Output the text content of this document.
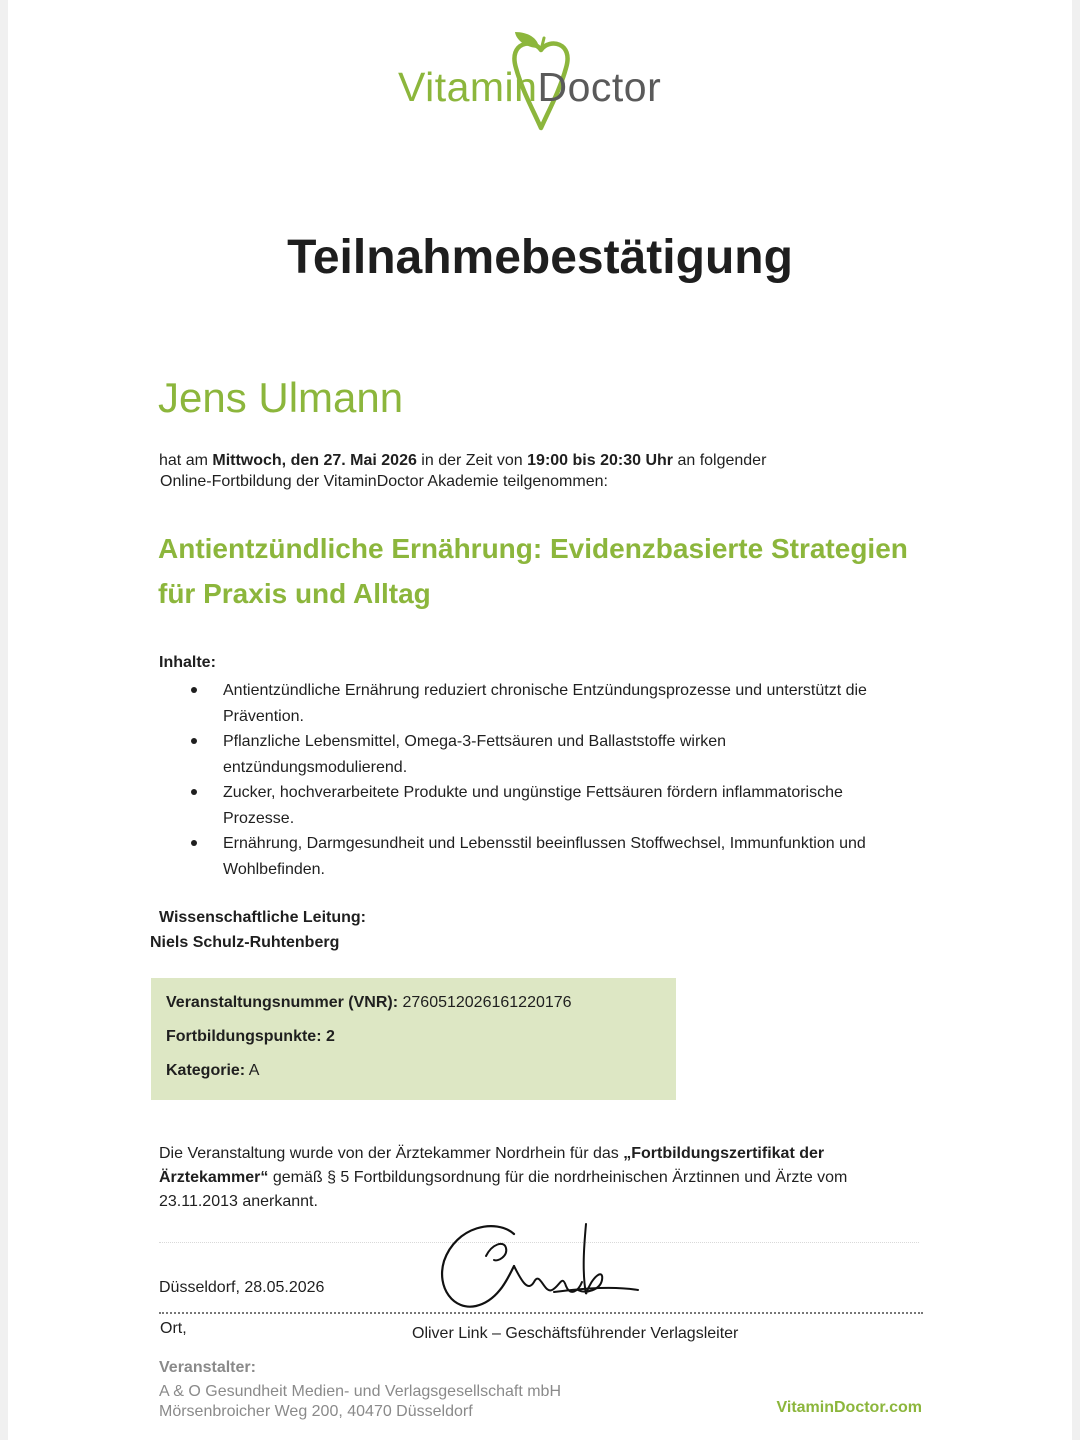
VitaminDoctor
Teilnahmebestätigung
Jens Ulmann
hat am Mittwoch, den 27. Mai 2026 in der Zeit von 19:00 bis 20:30 Uhr an folgender
Online-Fortbildung der VitaminDoctor Akademie teilgenommen:
Antientzündliche Ernährung: Evidenzbasierte Strategien
für Praxis und Alltag
Inhalte:
Antientzündliche Ernährung reduziert chronische Entzündungsprozesse und unterstützt die Prävention.
Pflanzliche Lebensmittel, Omega-3-Fettsäuren und Ballaststoffe wirken entzündungsmodulierend.
Zucker, hochverarbeitete Produkte und ungünstige Fettsäuren fördern inflammatorische Prozesse.
Ernährung, Darmgesundheit und Lebensstil beeinflussen Stoffwechsel, Immunfunktion und Wohlbefinden.
Wissenschaftliche Leitung:
Niels Schulz-Ruhtenberg
Veranstaltungsnummer (VNR): 2760512026161220176
Fortbildungspunkte: 2
Kategorie: A
Die Veranstaltung wurde von der Ärztekammer Nordrhein für das „Fortbildungszertifikat der Ärztekammer“ gemäß § 5 Fortbildungsordnung für die nordrheinischen Ärztinnen und Ärzte vom 23.11.2013 anerkannt.
Düsseldorf, 28.05.2026
Ort,	Oliver Link – Geschäftsführender Verlagsleiter
Veranstalter:
A & O Gesundheit Medien- und Verlagsgesellschaft mbH
Mörsenbroicher Weg 200, 40470 Düsseldorf	VitaminDoctor.com
